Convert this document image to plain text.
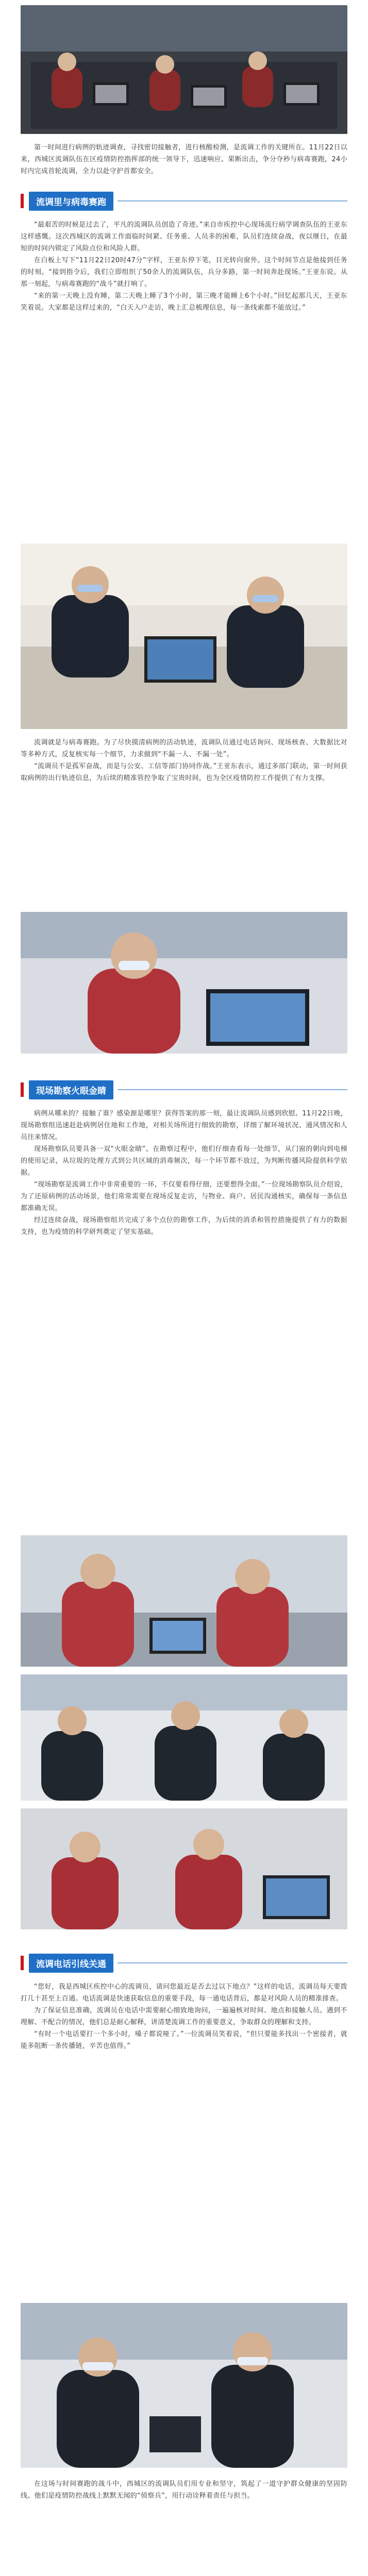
第一时间进行病例的轨迹调查，寻找密切接触者，进行核酸检测，是流调工作的关键所在。11月22日以来，西城区流调队伍在区疫情防控指挥部的统一领导下，迅速响应、果断出击，争分夺秒与病毒赛跑，24小时内完成首轮流调，全力以赴守护首都安全。

流调里与病毒赛跑

“最艰苦的时候是过去了，平凡的流调队员创造了奇迹。”来自市疾控中心现场流行病学调查队伍的王亚东这样感慨。这次西城区的流调工作面临时间紧、任务重、人员多的困难，队员们连续奋战，夜以继日，在最短的时间内锁定了风险点位和风险人群。

在白板上写下“11月22日20时47分”字样，王亚东停下笔，目光转向窗外。这个时间节点是他接到任务的时刻。“接到指令后，我们立即组织了50余人的流调队伍，兵分多路，第一时间奔赴现场。”王亚东说。从那一刻起，与病毒赛跑的“战斗”就打响了。

“来的第一天晚上没有睡，第二天晚上睡了3个小时，第三晚才能睡上6个小时。”回忆起那几天，王亚东笑着说。大家都是这样过来的，“白天入户走访，晚上汇总梳理信息，每一条线索都不能放过。”

流调就是与病毒赛跑。为了尽快摸清病例的活动轨迹，流调队员通过电话询问、现场核查、大数据比对等多种方式，反复核实每一个细节，力求做到“不漏一人、不漏一处”。

“流调员不是孤军奋战，而是与公安、工信等部门协同作战。”王亚东表示，通过多部门联动，第一时间获取病例的出行轨迹信息，为后续的精准管控争取了宝贵时间，也为全区疫情防控工作提供了有力支撑。

现场勘察火眼金睛

病例从哪来的？接触了谁？感染源是哪里？获得答案的那一刻，最让流调队员感到欣慰。11月22日晚，现场勘察组迅速赶赴病例居住地和工作地，对相关场所进行细致的勘察，详细了解环境状况、通风情况和人员往来情况。

现场勘察队员要具备一双“火眼金睛”。在勘察过程中，他们仔细查看每一处细节，从门窗的朝向到电梯的使用记录，从垃圾的处理方式到公共区域的消毒频次，每一个环节都不放过，为判断传播风险提供科学依据。

“现场勘察是流调工作中非常重要的一环，不仅要看得仔细，还要想得全面。”一位现场勘察队员介绍说，为了还原病例的活动场景，他们常常需要在现场反复走访，与物业、商户、居民沟通核实，确保每一条信息都准确无误。

经过连续奋战，现场勘察组共完成了多个点位的勘察工作，为后续的消杀和管控措施提供了有力的数据支持，也为疫情的科学研判奠定了坚实基础。

流调电话引线关通

“您好，我是西城区疾控中心的流调员，请问您最近是否去过以下地点？”这样的电话，流调员每天要拨打几十甚至上百通。电话流调是快速获取信息的重要手段，每一通电话背后，都是对风险人员的精准排查。

为了保证信息准确，流调员在电话中需要耐心细致地询问，一遍遍核对时间、地点和接触人员。遇到不理解、不配合的情况，他们总是耐心解释，讲清楚流调工作的重要意义，争取群众的理解和支持。

“有时一个电话要打一个多小时，嗓子都说哑了。”一位流调员笑着说，“但只要能多找出一个密接者，就能多阻断一条传播链，辛苦也值得。”

在这场与时间赛跑的战斗中，西城区的流调队员们用专业和坚守，筑起了一道守护群众健康的坚固防线。他们是疫情防控战线上默默无闻的“侦察兵”，用行动诠释着责任与担当。
